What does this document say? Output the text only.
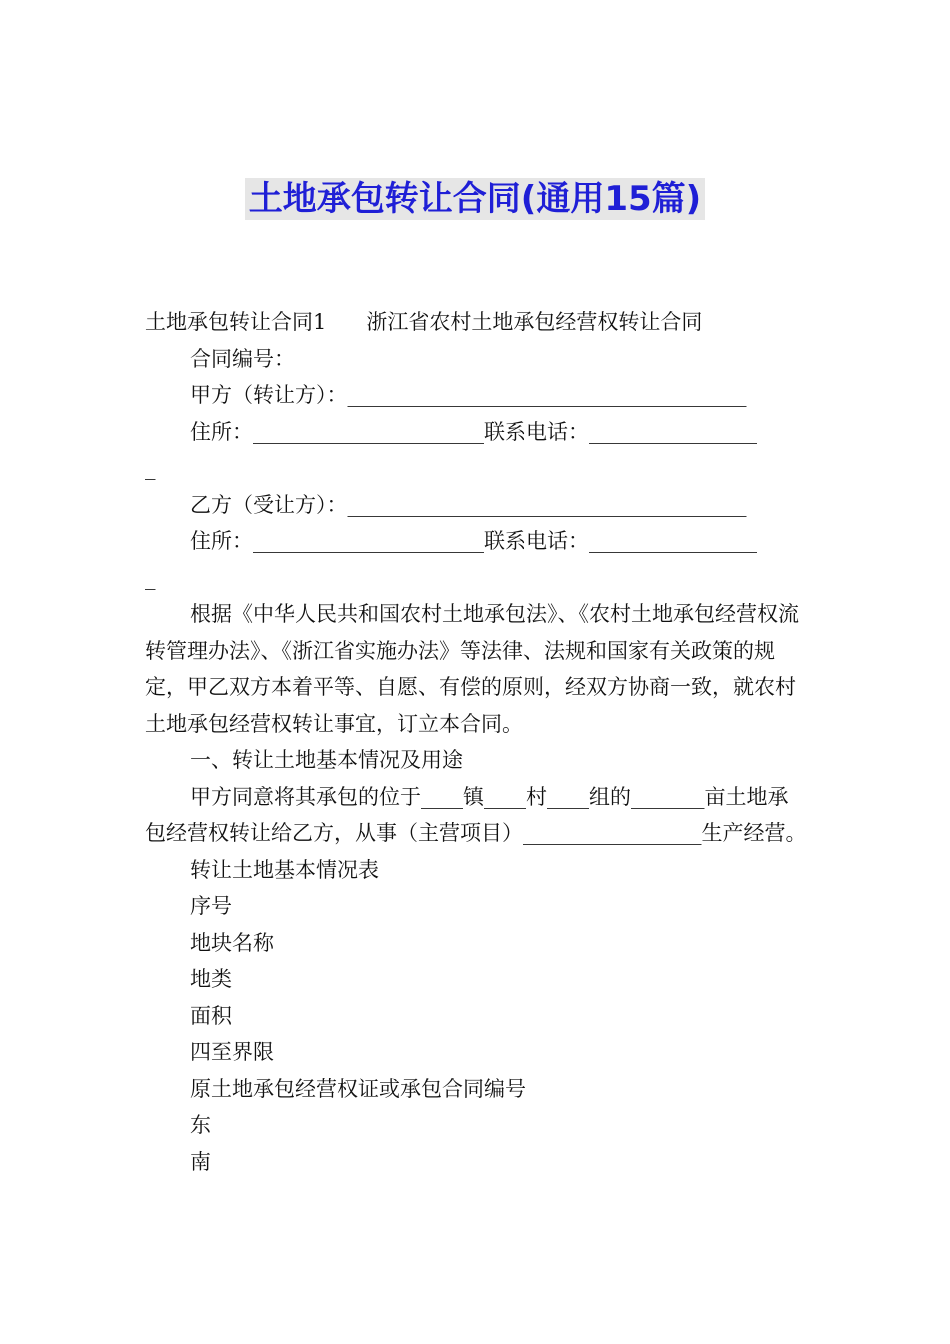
土地承包转让合同(通用15篇)

土地承包转让合同1 浙江省农村土地承包经营权转让合同

合同编号：

甲方（转让方）：______________________________________

住所：______________________联系电话：________________

_

乙方（受让方）：______________________________________

住所：______________________联系电话：________________

_

根据《中华人民共和国农村土地承包法》、《农村土地承包经营权流转管理办法》、《浙江省实施办法》等法律、法规和国家有关政策的规定，甲乙双方本着平等、自愿、有偿的原则，经双方协商一致，就农村土地承包经营权转让事宜，订立本合同。

一、转让土地基本情况及用途

甲方同意将其承包的位于____镇____村____组的_______亩土地承包经营权转让给乙方，从事（主营项目）_________________生产经营。

转让土地基本情况表

序号

地块名称

地类

面积

四至界限

原土地承包经营权证或承包合同编号

东

南
